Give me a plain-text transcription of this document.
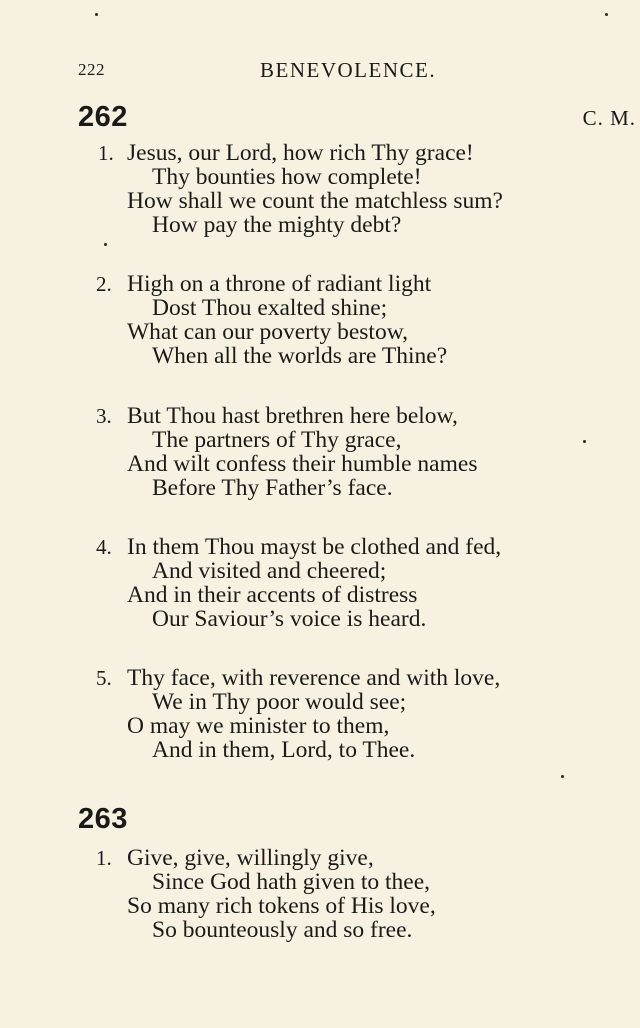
222	BENEVOLENCE.
262	C. M.
1. Jesus, our Lord, how rich Thy grace!
Thy bounties how complete!
How shall we count the matchless sum?
How pay the mighty debt?
2. High on a throne of radiant light
Dost Thou exalted shine;
What can our poverty bestow,
When all the worlds are Thine?
3. But Thou hast brethren here below,
The partners of Thy grace,
And wilt confess their humble names
Before Thy Father’s face.
4. In them Thou mayst be clothed and fed,
And visited and cheered;
And in their accents of distress
Our Saviour’s voice is heard.
5. Thy face, with reverence and with love,
We in Thy poor would see;
O may we minister to them,
And in them, Lord, to Thee.
263
1. Give, give, willingly give,
Since God hath given to thee,
So many rich tokens of His love,
So bounteously and so free.
